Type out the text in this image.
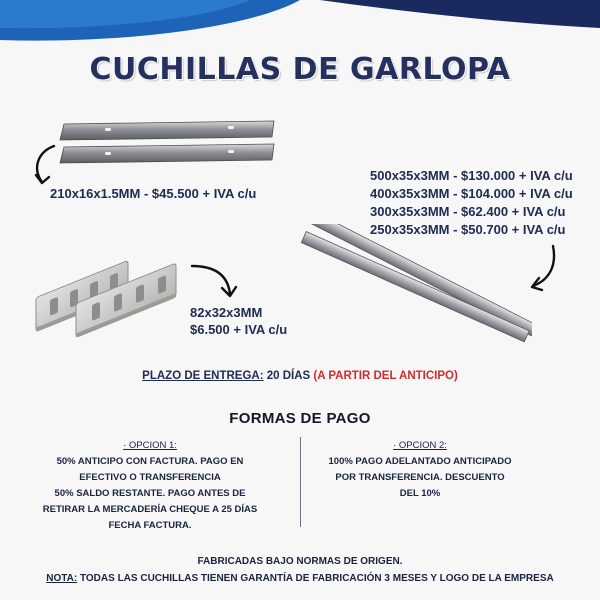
CUCHILLAS DE GARLOPA
210x16x1.5MM - $45.500 + IVA c/u
500x35x3MM - $130.000 + IVA c/u
400x35x3MM - $104.000 + IVA c/u
300x35x3MM - $62.400 + IVA c/u
250x35x3MM - $50.700 + IVA c/u
82x32x3MM
$6.500 + IVA c/u
PLAZO DE ENTREGA: 20 DÍAS (A PARTIR DEL ANTICIPO)
FORMAS DE PAGO
· OPCION 1:
50% ANTICIPO CON FACTURA. PAGO EN
EFECTIVO O TRANSFERENCIA
50% SALDO RESTANTE. PAGO ANTES DE
RETIRAR LA MERCADERÍA CHEQUE A 25 DÍAS
FECHA FACTURA.
· OPCION 2:
100% PAGO ADELANTADO ANTICIPADO
POR TRANSFERENCIA. DESCUENTO
DEL 10%
FABRICADAS BAJO NORMAS DE ORIGEN.
NOTA: TODAS LAS CUCHILLAS TIENEN GARANTÍA DE FABRICACIÓN 3 MESES Y LOGO DE LA EMPRESA
